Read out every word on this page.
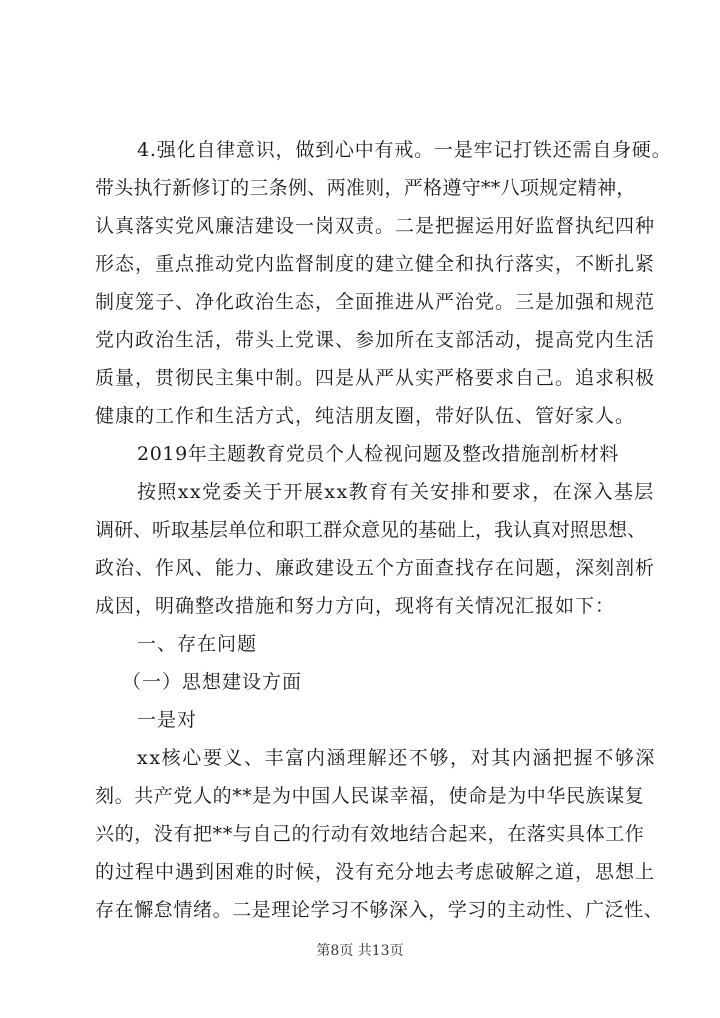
4.强化自律意识，做到心中有戒。一是牢记打铁还需自身硬。
带头执行新修订的三条例、两准则，严格遵守**八项规定精神，
认真落实党风廉洁建设一岗双责。二是把握运用好监督执纪四种
形态，重点推动党内监督制度的建立健全和执行落实，不断扎紧
制度笼子、净化政治生态，全面推进从严治党。三是加强和规范
党内政治生活，带头上党课、参加所在支部活动，提高党内生活
质量，贯彻民主集中制。四是从严从实严格要求自己。追求积极
健康的工作和生活方式，纯洁朋友圈，带好队伍、管好家人。
2019年主题教育党员个人检视问题及整改措施剖析材料
按照xx党委关于开展xx教育有关安排和要求，在深入基层
调研、听取基层单位和职工群众意见的基础上，我认真对照思想、
政治、作风、能力、廉政建设五个方面查找存在问题，深刻剖析
成因，明确整改措施和努力方向，现将有关情况汇报如下：
一、存在问题
（一）思想建设方面
一是对
xx核心要义、丰富内涵理解还不够，对其内涵把握不够深
刻。共产党人的**是为中国人民谋幸福，使命是为中华民族谋复
兴的，没有把**与自己的行动有效地结合起来，在落实具体工作
的过程中遇到困难的时候，没有充分地去考虑破解之道，思想上
存在懈怠情绪。二是理论学习不够深入，学习的主动性、广泛性、
第8页 共13页
